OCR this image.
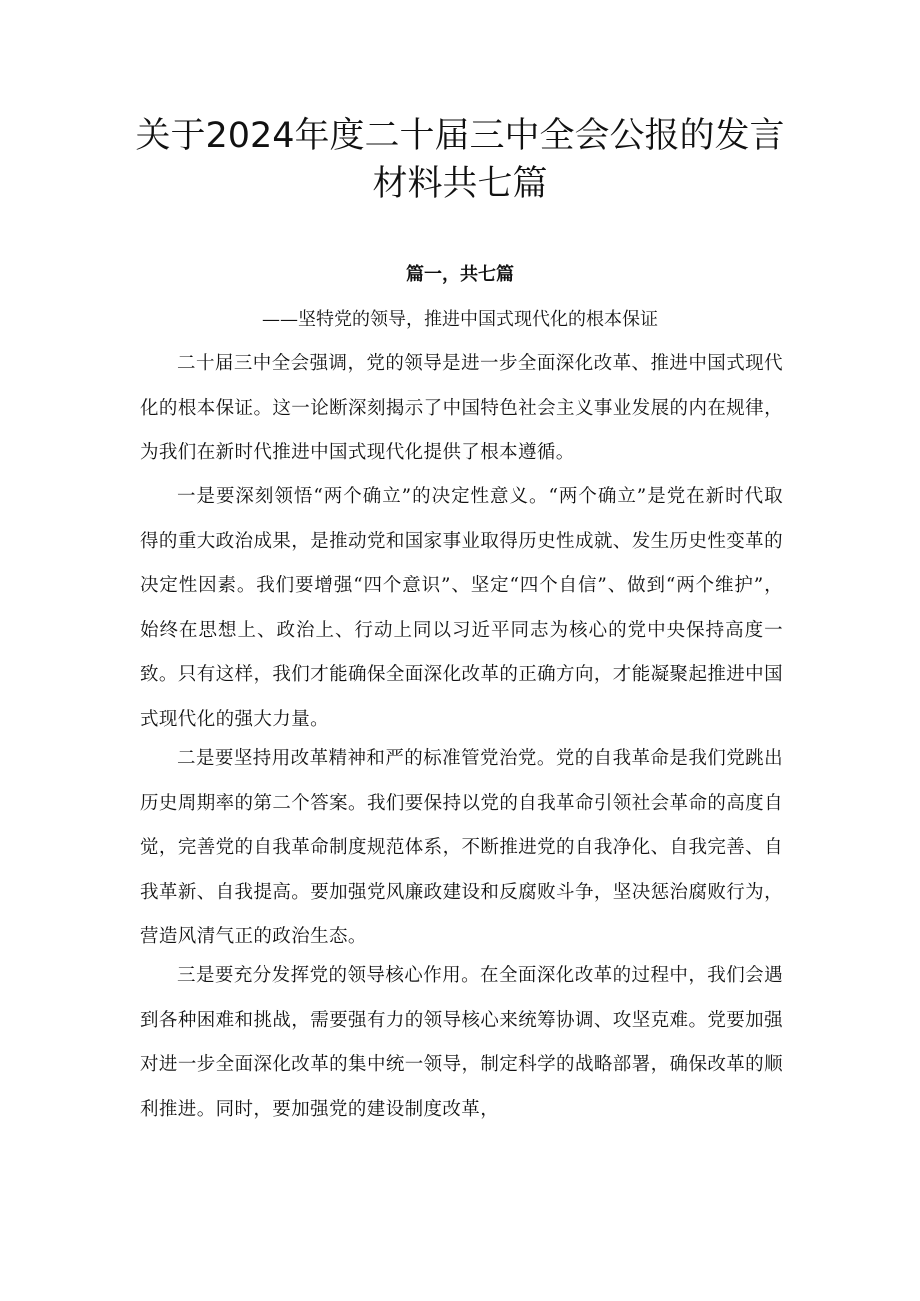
关于2024年度二十届三中全会公报的发言
材料共七篇
篇一，共七篇

——坚特党的领导，推进中国式现代化的根本保证

二十届三中全会强调，党的领导是进一步全面深化改革、推进中国式现代化的根本保证。这一论断深刻揭示了中国特色社会主义事业发展的内在规律，为我们在新时代推进中国式现代化提供了根本遵循。

一是要深刻领悟“两个确立”的决定性意义。“两个确立”是党在新时代取得的重大政治成果，是推动党和国家事业取得历史性成就、发生历史性变革的决定性因素。我们要增强“四个意识”、坚定“四个自信”、做到“两个维护”，始终在思想上、政治上、行动上同以习近平同志为核心的党中央保持高度一致。只有这样，我们才能确保全面深化改革的正确方向，才能凝聚起推进中国式现代化的强大力量。

二是要坚持用改革精神和严的标准管党治党。党的自我革命是我们党跳出历史周期率的第二个答案。我们要保持以党的自我革命引领社会革命的高度自觉，完善党的自我革命制度规范体系，不断推进党的自我净化、自我完善、自我革新、自我提高。要加强党风廉政建设和反腐败斗争，坚决惩治腐败行为，营造风清气正的政治生态。

三是要充分发挥党的领导核心作用。在全面深化改革的过程中，我们会遇到各种困难和挑战，需要强有力的领导核心来统筹协调、攻坚克难。党要加强对进一步全面深化改革的集中统一领导，制定科学的战略部署，确保改革的顺利推进。同时，要加强党的建设制度改革，
